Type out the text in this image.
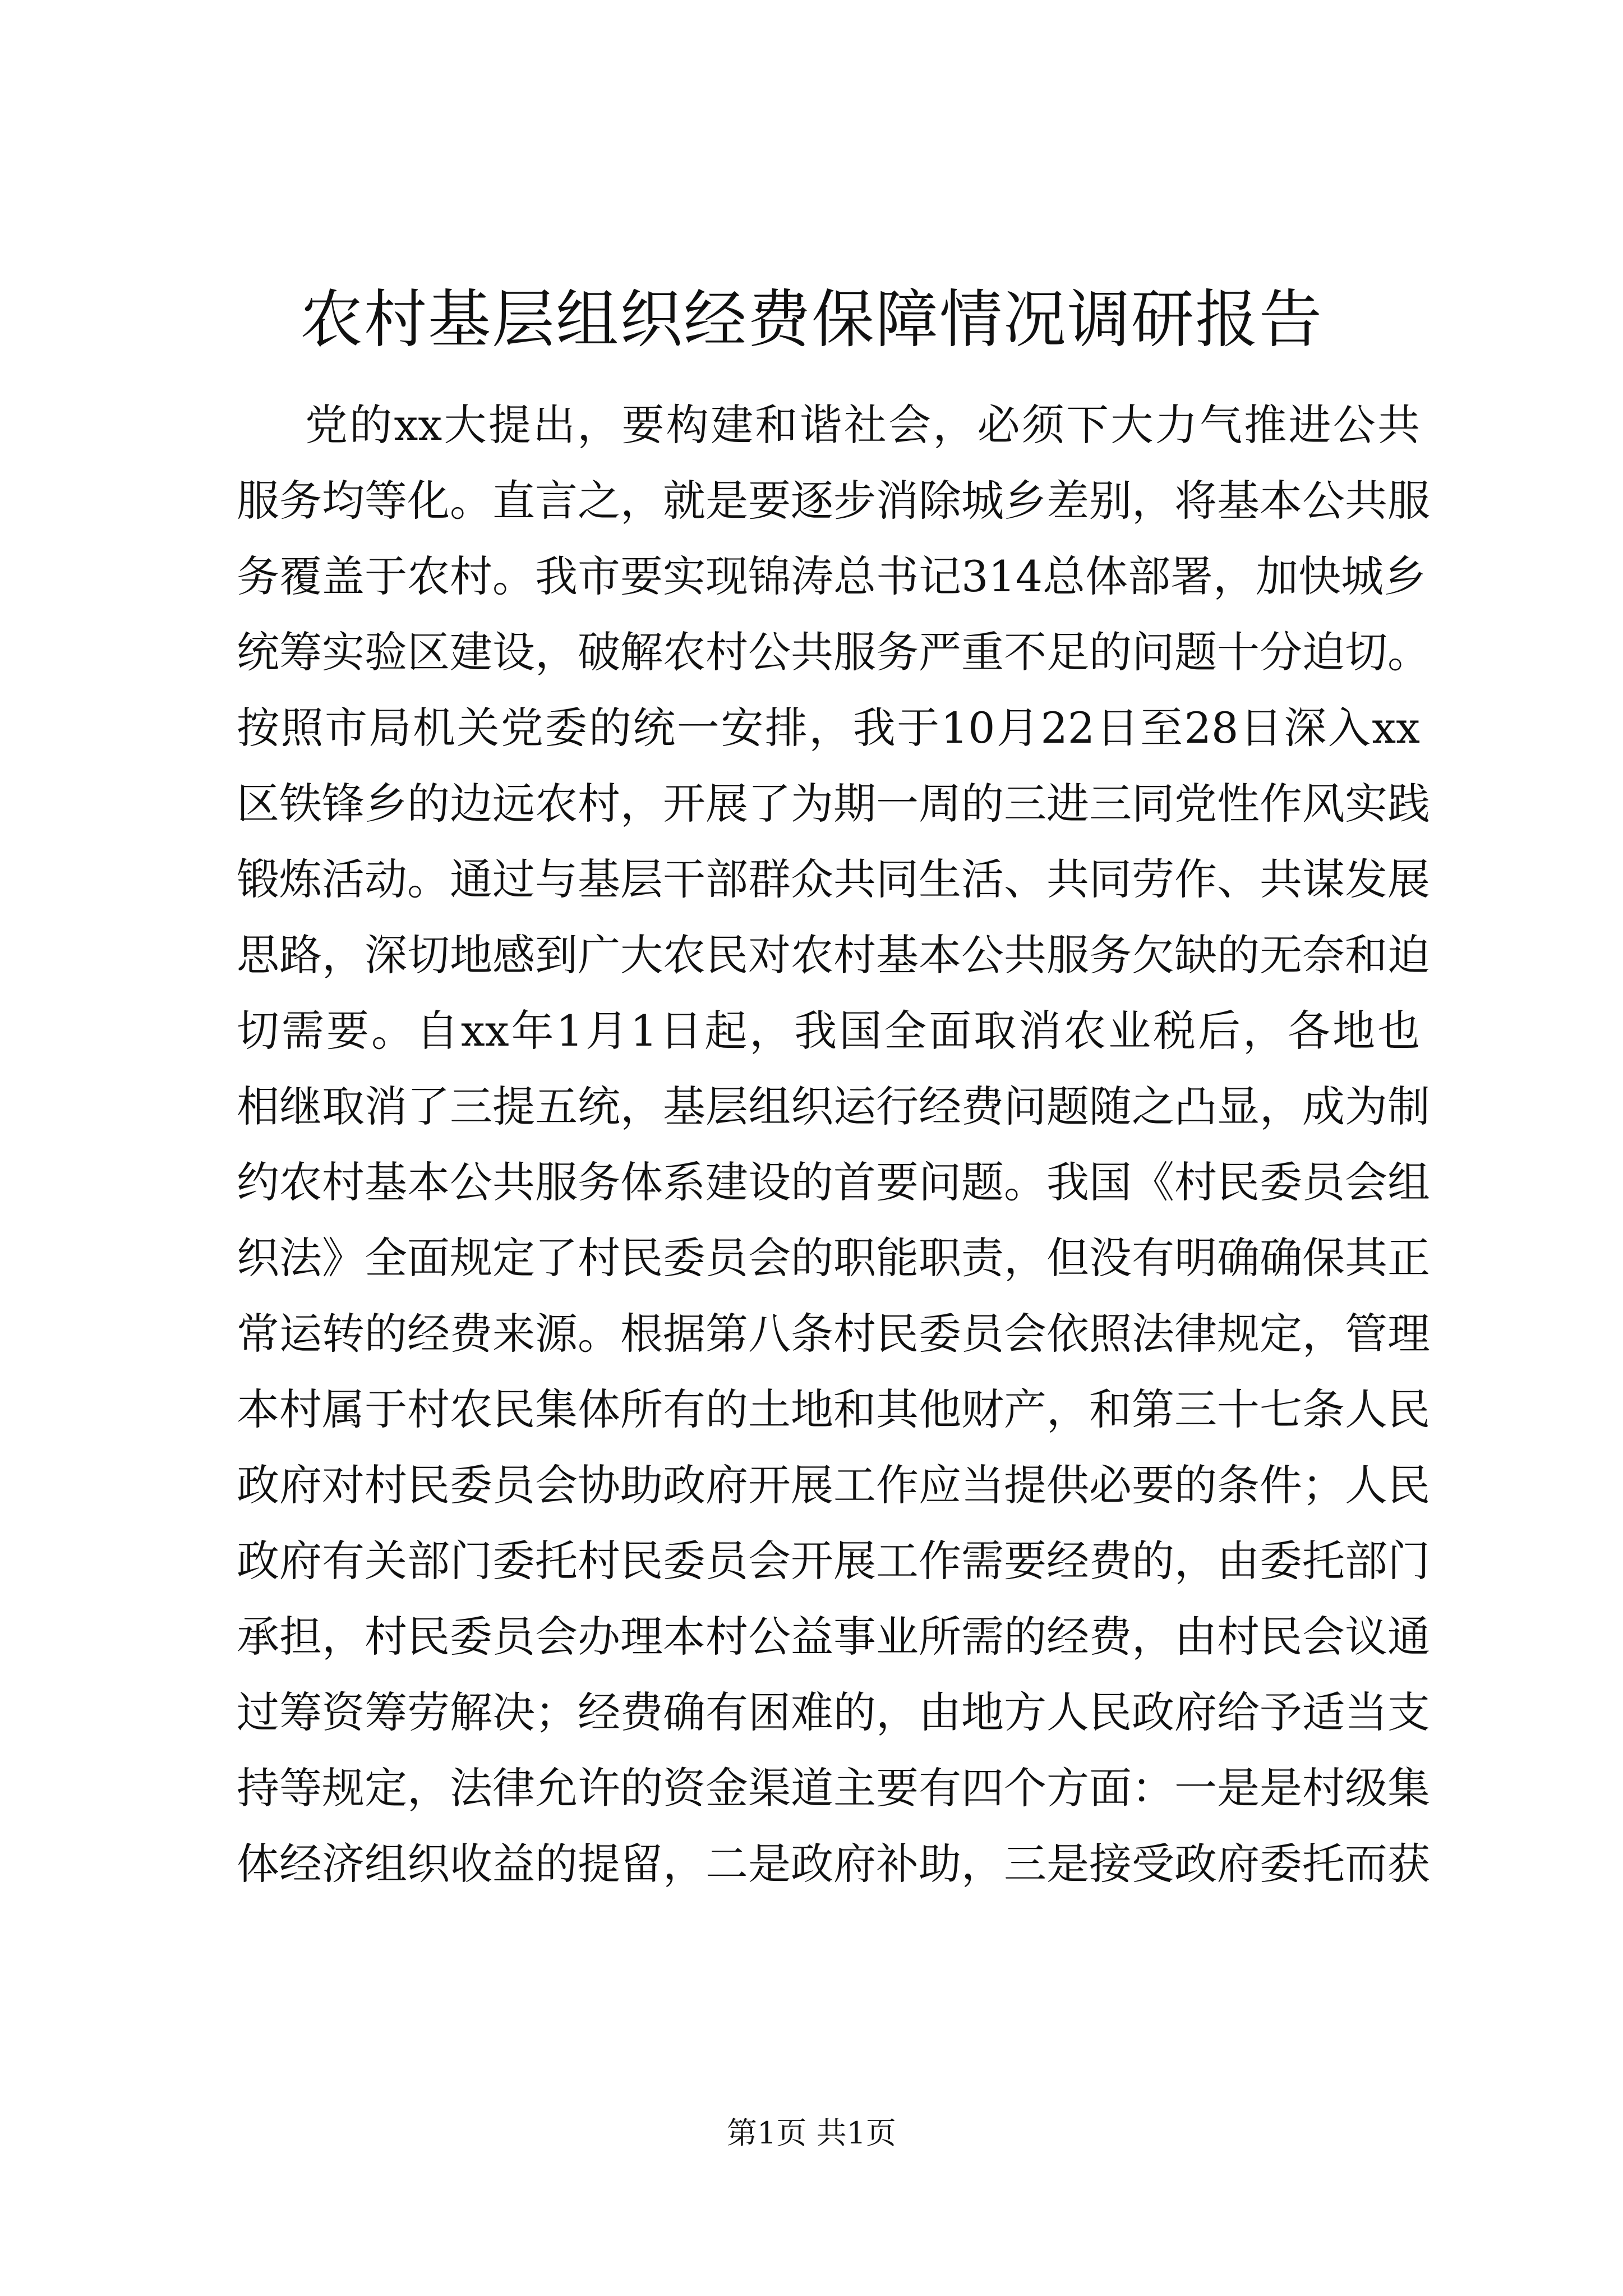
农村基层组织经费保障情况调研报告
党的xx大提出，要构建和谐社会，必须下大力气推进公共
服务均等化。直言之，就是要逐步消除城乡差别，将基本公共服
务覆盖于农村。我市要实现锦涛总书记314总体部署，加快城乡
统筹实验区建设，破解农村公共服务严重不足的问题十分迫切。
按照市局机关党委的统一安排，我于10月22日至28日深入xx
区铁锋乡的边远农村，开展了为期一周的三进三同党性作风实践
锻炼活动。通过与基层干部群众共同生活、共同劳作、共谋发展
思路，深切地感到广大农民对农村基本公共服务欠缺的无奈和迫
切需要。自xx年1月1日起，我国全面取消农业税后，各地也
相继取消了三提五统，基层组织运行经费问题随之凸显，成为制
约农村基本公共服务体系建设的首要问题。我国《村民委员会组
织法》全面规定了村民委员会的职能职责，但没有明确确保其正
常运转的经费来源。根据第八条村民委员会依照法律规定，管理
本村属于村农民集体所有的土地和其他财产，和第三十七条人民
政府对村民委员会协助政府开展工作应当提供必要的条件；人民
政府有关部门委托村民委员会开展工作需要经费的，由委托部门
承担，村民委员会办理本村公益事业所需的经费，由村民会议通
过筹资筹劳解决；经费确有困难的，由地方人民政府给予适当支
持等规定，法律允许的资金渠道主要有四个方面：一是是村级集
体经济组织收益的提留，二是政府补助，三是接受政府委托而获
第1页 共1页
